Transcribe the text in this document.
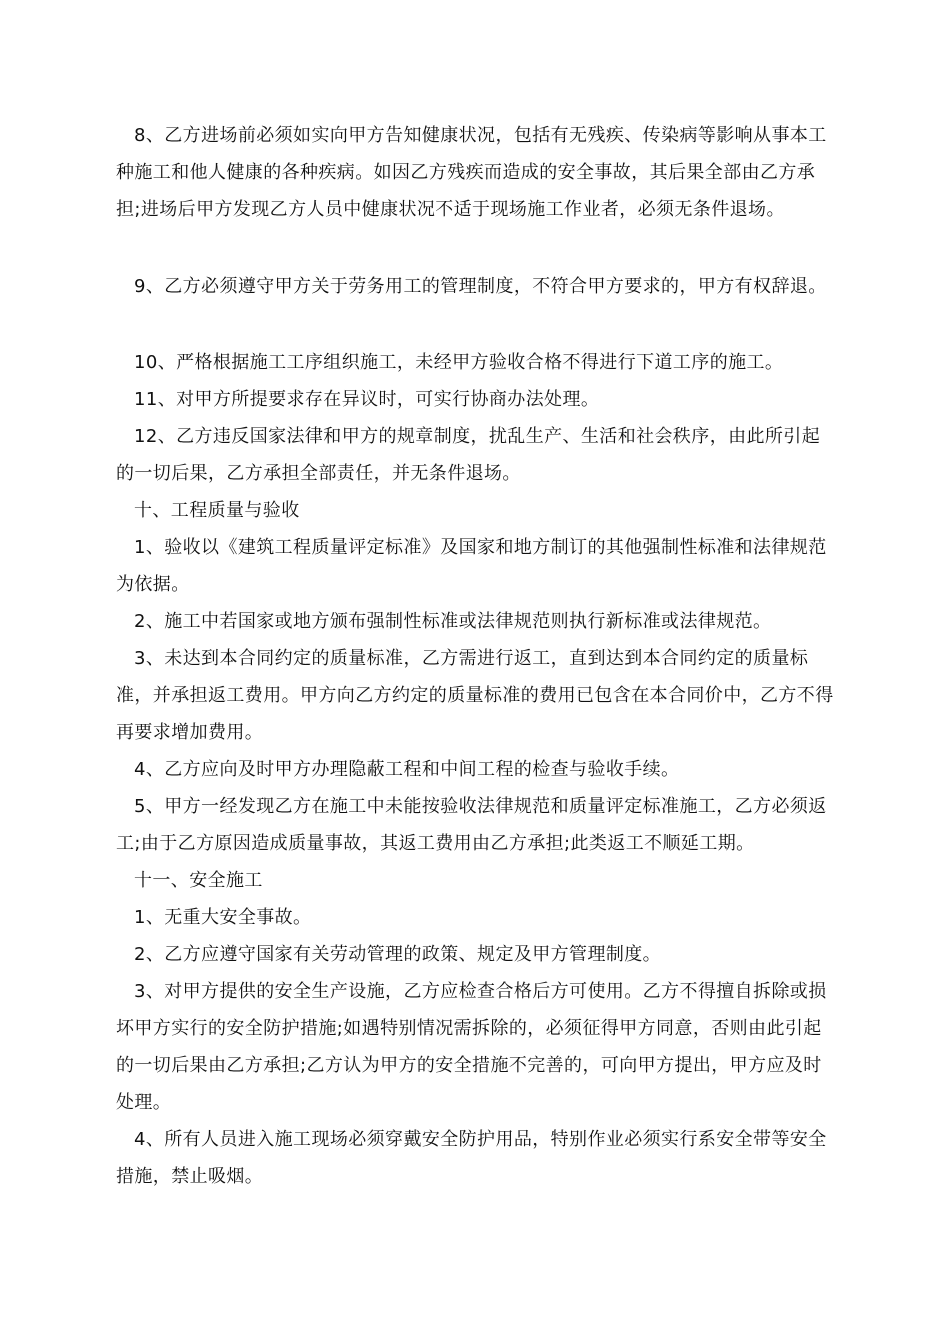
8、乙方进场前必须如实向甲方告知健康状况，包括有无残疾、传染病等影响从事本工种施工和他人健康的各种疾病。如因乙方残疾而造成的安全事故，其后果全部由乙方承担;进场后甲方发现乙方人员中健康状况不适于现场施工作业者，必须无条件退场。

9、乙方必须遵守甲方关于劳务用工的管理制度，不符合甲方要求的，甲方有权辞退。

10、严格根据施工工序组织施工，未经甲方验收合格不得进行下道工序的施工。

11、对甲方所提要求存在异议时，可实行协商办法处理。

12、乙方违反国家法律和甲方的规章制度，扰乱生产、生活和社会秩序，由此所引起的一切后果，乙方承担全部责任，并无条件退场。

十、工程质量与验收

1、验收以《建筑工程质量评定标准》及国家和地方制订的其他强制性标准和法律规范为依据。

2、施工中若国家或地方颁布强制性标准或法律规范则执行新标准或法律规范。

3、未达到本合同约定的质量标准，乙方需进行返工，直到达到本合同约定的质量标准，并承担返工费用。甲方向乙方约定的质量标准的费用已包含在本合同价中，乙方不得再要求增加费用。

4、乙方应向及时甲方办理隐蔽工程和中间工程的检查与验收手续。

5、甲方一经发现乙方在施工中未能按验收法律规范和质量评定标准施工，乙方必须返工;由于乙方原因造成质量事故，其返工费用由乙方承担;此类返工不顺延工期。

十一、安全施工

1、无重大安全事故。

2、乙方应遵守国家有关劳动管理的政策、规定及甲方管理制度。

3、对甲方提供的安全生产设施，乙方应检查合格后方可使用。乙方不得擅自拆除或损坏甲方实行的安全防护措施;如遇特别情况需拆除的，必须征得甲方同意，否则由此引起的一切后果由乙方承担;乙方认为甲方的安全措施不完善的，可向甲方提出，甲方应及时处理。

4、所有人员进入施工现场必须穿戴安全防护用品，特别作业必须实行系安全带等安全措施，禁止吸烟。
